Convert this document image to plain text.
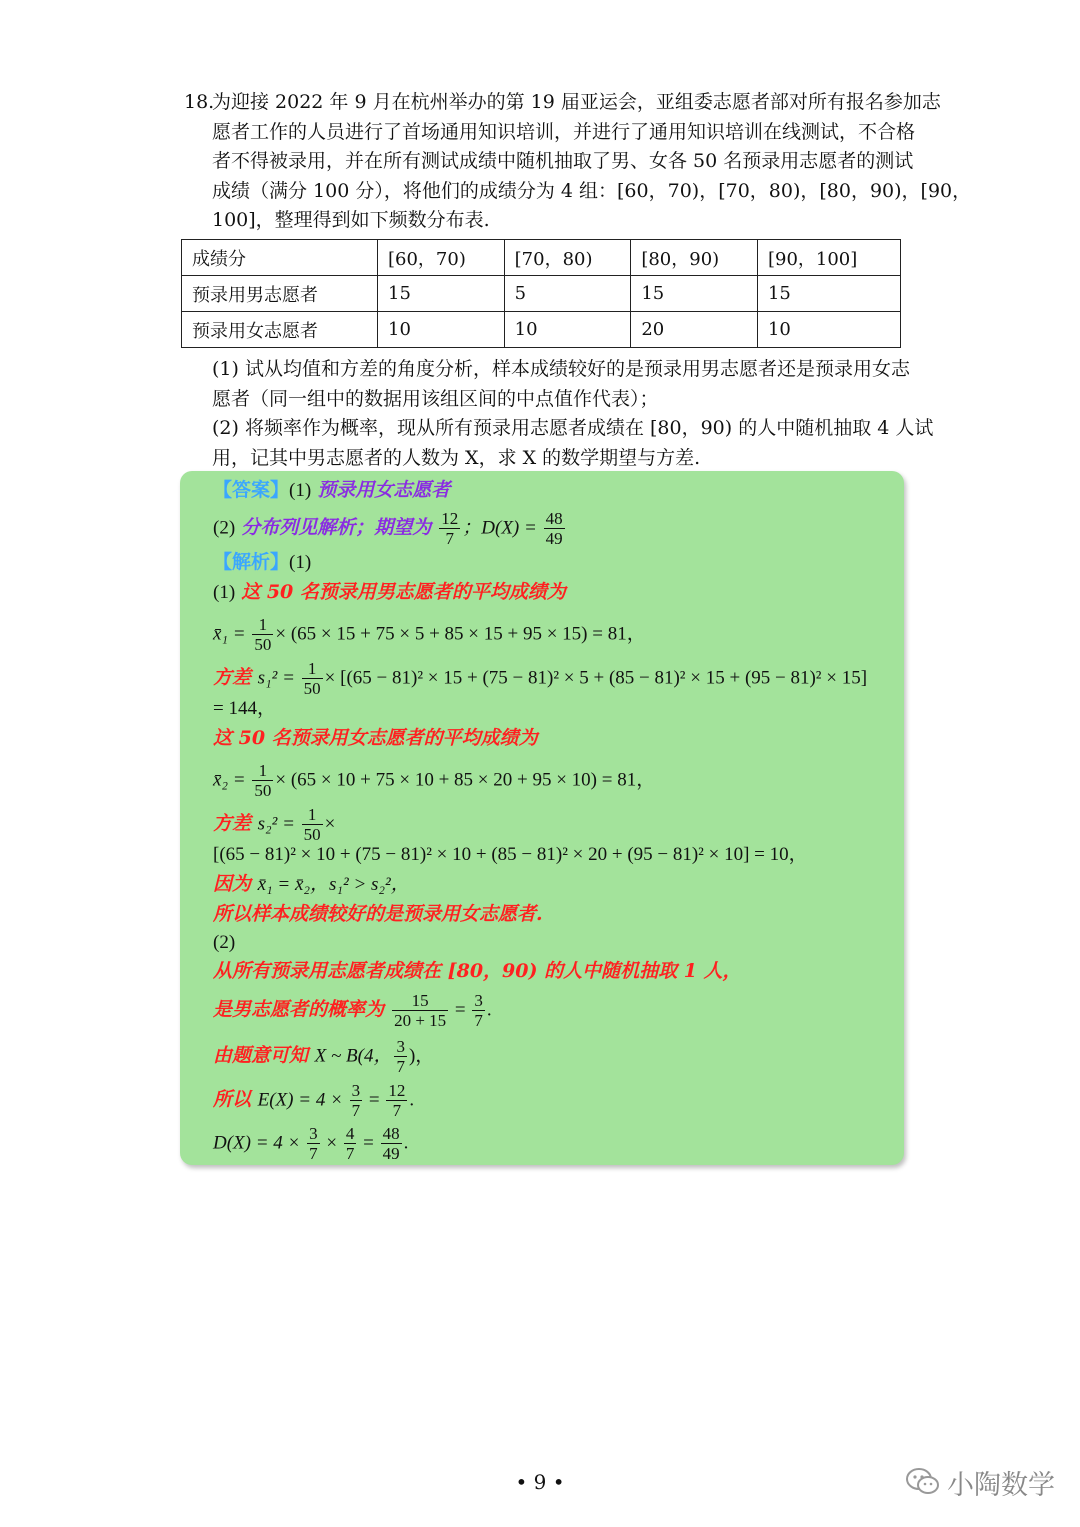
18.
为迎接 2022 年 9 月在杭州举办的第 19 届亚运会，亚组委志愿者部对所有报名参加志
愿者工作的人员进行了首场通用知识培训，并进行了通用知识培训在线测试，不合格
者不得被录用，并在所有测试成绩中随机抽取了男、女各 50 名预录用志愿者的测试
成绩（满分 100 分），将他们的成绩分为 4 组：[60，70)，[70，80)，[80，90)，[90，
100]，整理得到如下频数分布表.
成绩分	[60，70)	[70，80)	[80，90)	[90，100]
预录用男志愿者	15	5	15	15
预录用女志愿者	10	10	20	10
(1) 试从均值和方差的角度分析，样本成绩较好的是预录用男志愿者还是预录用女志
愿者（同一组中的数据用该组区间的中点值作代表）；
(2) 将频率作为概率，现从所有预录用志愿者成绩在 [80，90) 的人中随机抽取 4 人试
用，记其中男志愿者的人数为 X，求 X 的数学期望与方差.
【答案】(1) 预录用女志愿者
(2) 分布列见解析；期望为 $\frac{12}{7}$ ；$D(X) = \frac{48}{49}$
【解析】(1)
(1) 这 50 名预录用男志愿者的平均成绩为
x̄₁ = $\frac{1}{50} \times (65 \times 15 + 75 \times 5 + 85 \times 15 + 95 \times 15) = 81$，
方差 $s_1^2 = \frac{1}{50} \times [(65 - 81)^2 \times 15 + (75 - 81)^2 \times 5 + (85 - 81)^2 \times 15 + (95 - 81)^2 \times 15]$
= 144，
这 50 名预录用女志愿者的平均成绩为
x̄₂ = $\frac{1}{50} \times (65 \times 10 + 75 \times 10 + 85 \times 20 + 95 \times 10) = 81$，
方差 $s_2^2 = \frac{1}{50}$ ×
[(65 − 81)² × 10 + (75 − 81)² × 10 + (85 − 81)² × 20 + (95 − 81)² × 10] = 10，
因为 x̄₁ = x̄₂，s₁² > s₂²，
所以样本成绩较好的是预录用女志愿者.
(2)
从所有预录用志愿者成绩在 [80，90) 的人中随机抽取 1 人，
是男志愿者的概率为 $\frac{15}{20 + 15} = \frac{3}{7}$ .
由题意可知 X ~ B(4， $\frac{3}{7}$ )，
所以 $E(X) = 4 \times \frac{3}{7} = \frac{12}{7}$ .
$D(X) = 4 \times \frac{3}{7} \times \frac{4}{7} = \frac{48}{49}$ .
• 9 •	小陶数学
